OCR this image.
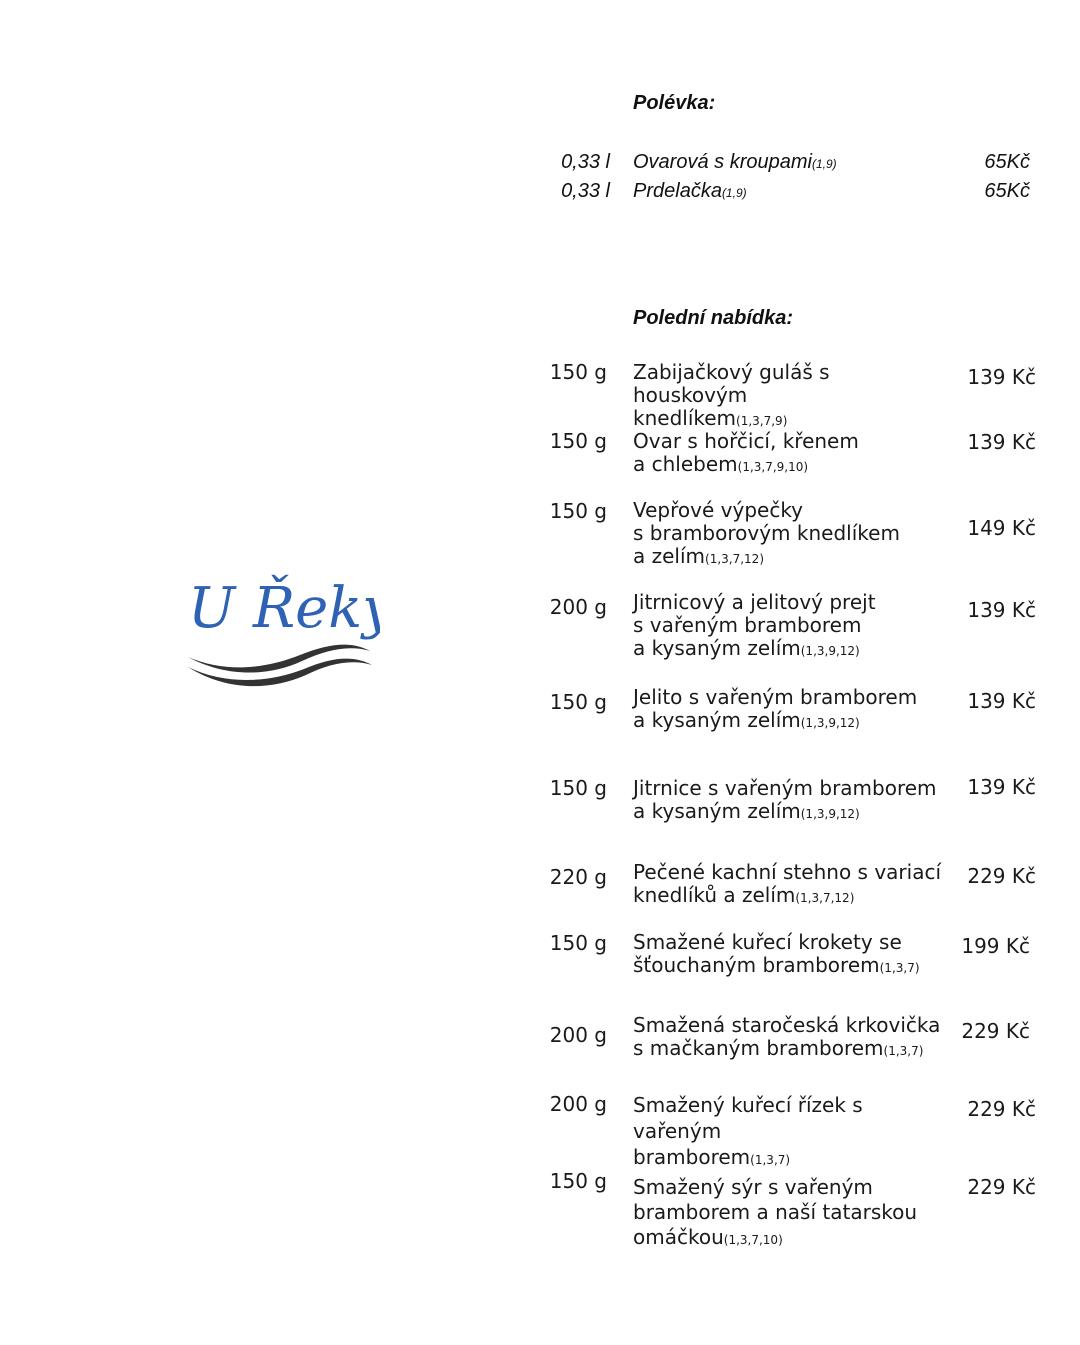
U Řeky
Polévka:
0,33 l Ovarová s kroupami(1,9)	65Kč
0,33 l Prdelačka(1,9)	65Kč
Polední nabídka:
150 g Zabijačkový guláš s houskovým
knedlíkem(1,3,7,9)
139 Kč
150 g Ovar s hořčicí, křenem
a chlebem(1,3,7,9,10)
139 Kč
150 g Vepřové výpečky
s bramborovým knedlíkem
a zelím(1,3,7,12)
149 Kč
200 g Jitrnicový a jelitový prejt
s vařeným bramborem
a kysaným zelím(1,3,9,12)
139 Kč
150 g Jelito s vařeným bramborem
a kysaným zelím(1,3,9,12)
139 Kč
150 g Jitrnice s vařeným bramborem
a kysaným zelím(1,3,9,12)
139 Kč
220 g Pečené kachní stehno s variací
knedlíků a zelím(1,3,7,12)
229 Kč
150 g Smažené kuřecí krokety se
šťouchaným bramborem(1,3,7)
199 Kč
200 g Smažená staročeská krkovička
s mačkaným bramborem(1,3,7)
229 Kč
200 g Smažený kuřecí řízek s vařeným
bramborem(1,3,7)
229 Kč
150 g Smažený sýr s vařeným
bramborem a naší tatarskou
omáčkou(1,3,7,10)
229 Kč
